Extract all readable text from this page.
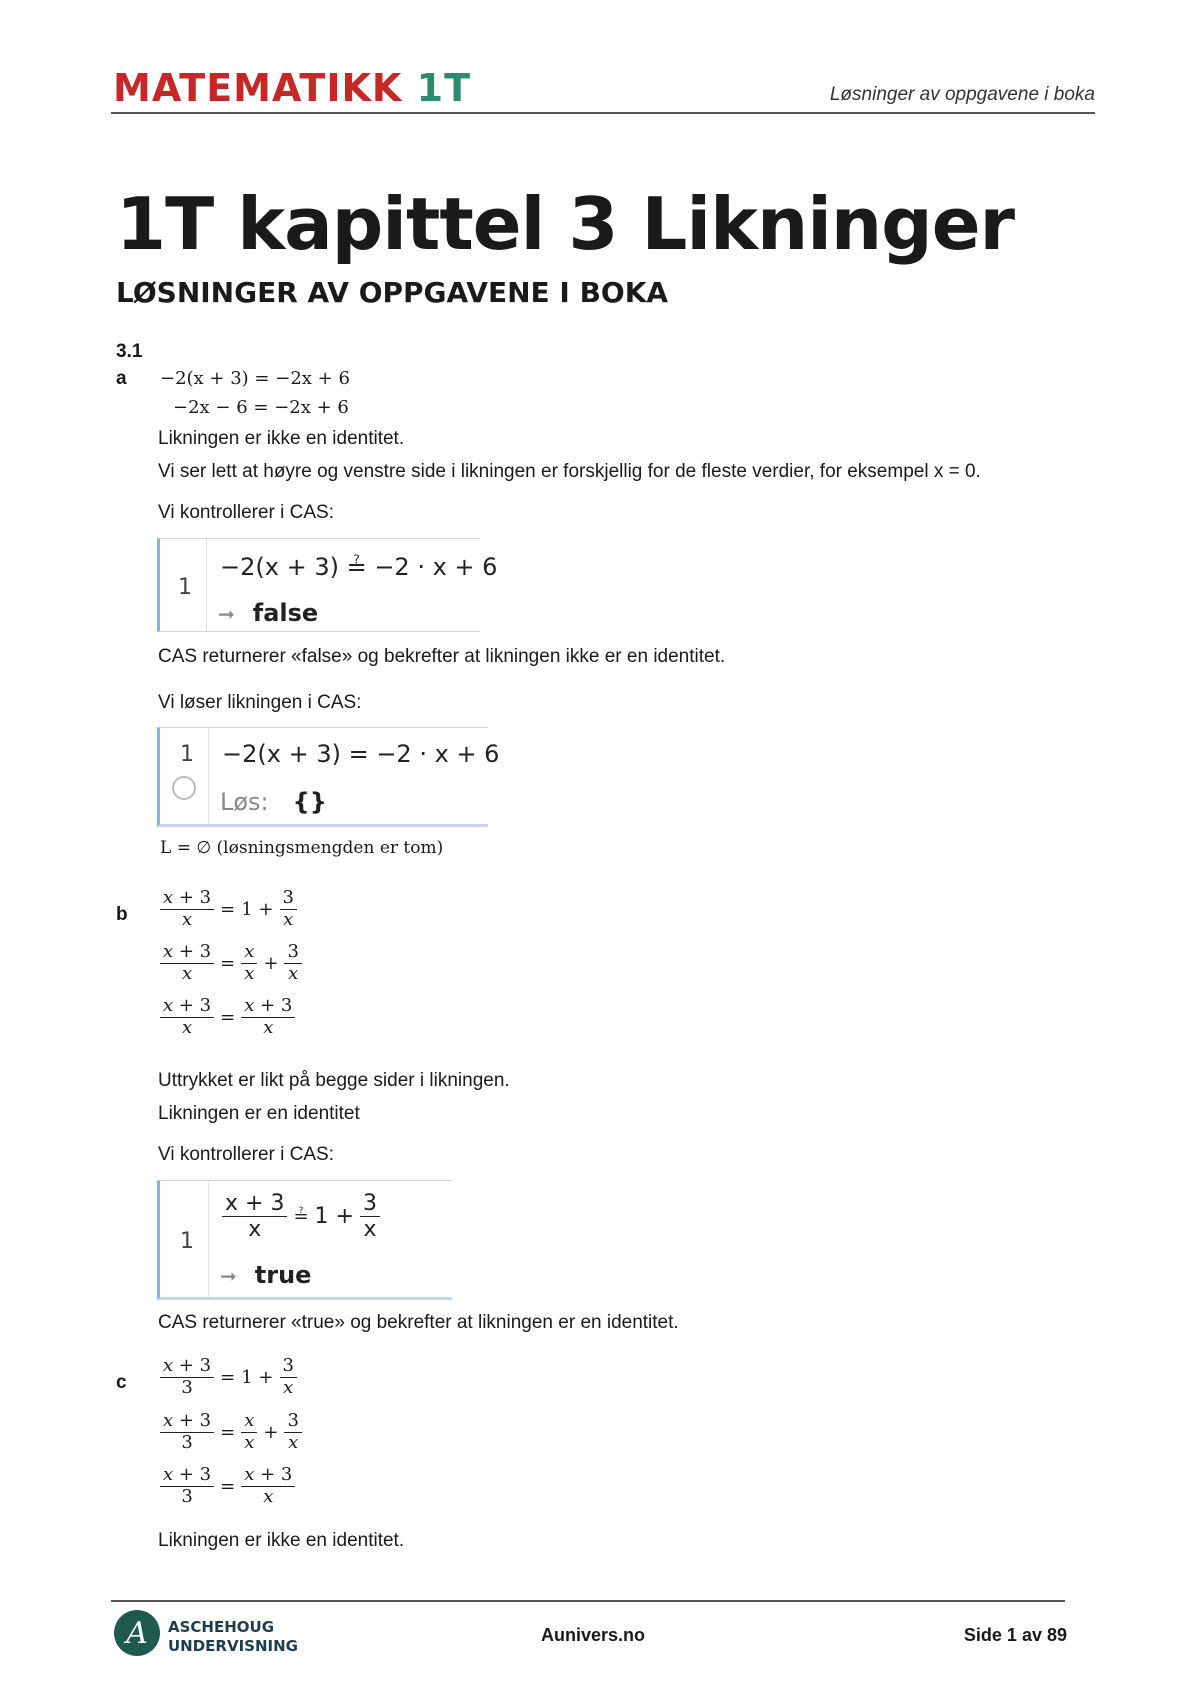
MATEMATIKK 1T	Løsninger av oppgavene i boka
1T kapittel 3 Likninger
LØSNINGER AV OPPGAVENE I BOKA
3.1
a −2(x + 3) = −2x + 6
−2x − 6 = −2x + 6
Likningen er ikke en identitet.
Vi ser lett at høyre og venstre side i likningen er forskjellig for de fleste verdier, for eksempel x = 0.
Vi kontrollerer i CAS:
1
−2(x + 3) ≟ −2 · x + 6
➞ false
CAS returnerer «false» og bekrefter at likningen ikke er en identitet.
Vi løser likningen i CAS:
1 −2(x + 3) = −2 · x + 6
Løs: {}
L = ∅ (løsningsmengden er tom)
b $\frac{x + 3}{x} = 1 + \frac{3}{x}$
$\frac{x + 3}{x} = \frac{x}{x} + \frac{3}{x}$
$\frac{x + 3}{x} = \frac{x + 3}{x}$
Uttrykket er likt på begge sider i likningen.
Likningen er en identitet
Vi kontrollerer i CAS:
$1 \frac{x + 3}{x}$ ≟ $1 + \frac{3}{x}$
➞ true
CAS returnerer «true» og bekrefter at likningen er en identitet.
c $\frac{x + 3}{3} = 1 + \frac{3}{x}$
$\frac{x + 3}{3} = \frac{x}{x} + \frac{3}{x}$
$\frac{x + 3}{3} = \frac{x + 3}{x}$
Likningen er ikke en identitet.
A	ASCHEHOUG
UNDERVISNING
Aunivers.no	Side 1 av 89
